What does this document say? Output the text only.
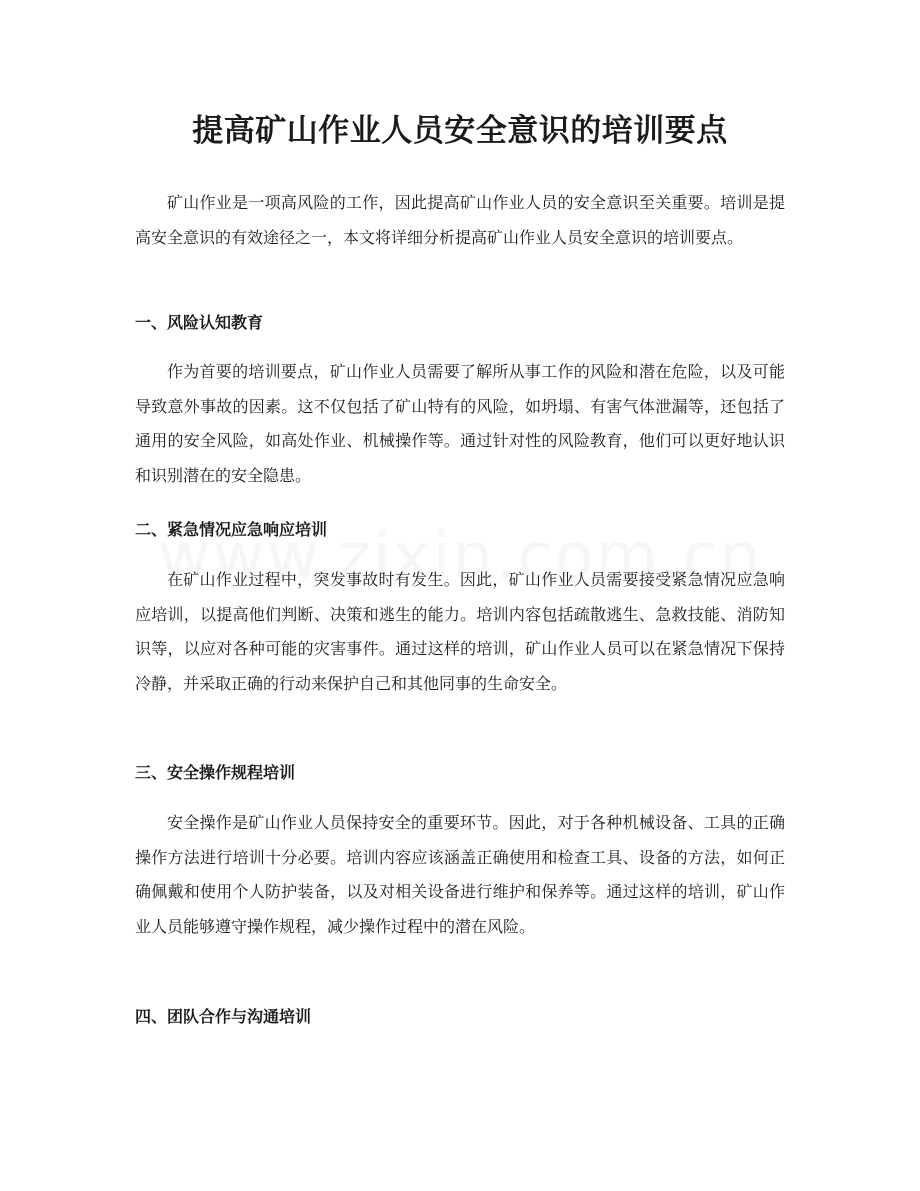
提高矿山作业人员安全意识的培训要点

矿山作业是一项高风险的工作，因此提高矿山作业人员的安全意识至关重要。培训是提高安全意识的有效途径之一，本文将详细分析提高矿山作业人员安全意识的培训要点。

一、风险认知教育

作为首要的培训要点，矿山作业人员需要了解所从事工作的风险和潜在危险，以及可能导致意外事故的因素。这不仅包括了矿山特有的风险，如坍塌、有害气体泄漏等，还包括了通用的安全风险，如高处作业、机械操作等。通过针对性的风险教育，他们可以更好地认识和识别潜在的安全隐患。

二、紧急情况应急响应培训

在矿山作业过程中，突发事故时有发生。因此，矿山作业人员需要接受紧急情况应急响应培训，以提高他们判断、决策和逃生的能力。培训内容包括疏散逃生、急救技能、消防知识等，以应对各种可能的灾害事件。通过这样的培训，矿山作业人员可以在紧急情况下保持冷静，并采取正确的行动来保护自己和其他同事的生命安全。

三、安全操作规程培训

安全操作是矿山作业人员保持安全的重要环节。因此，对于各种机械设备、工具的正确操作方法进行培训十分必要。培训内容应该涵盖正确使用和检查工具、设备的方法，如何正确佩戴和使用个人防护装备，以及对相关设备进行维护和保养等。通过这样的培训，矿山作业人员能够遵守操作规程，减少操作过程中的潜在风险。

四、团队合作与沟通培训
